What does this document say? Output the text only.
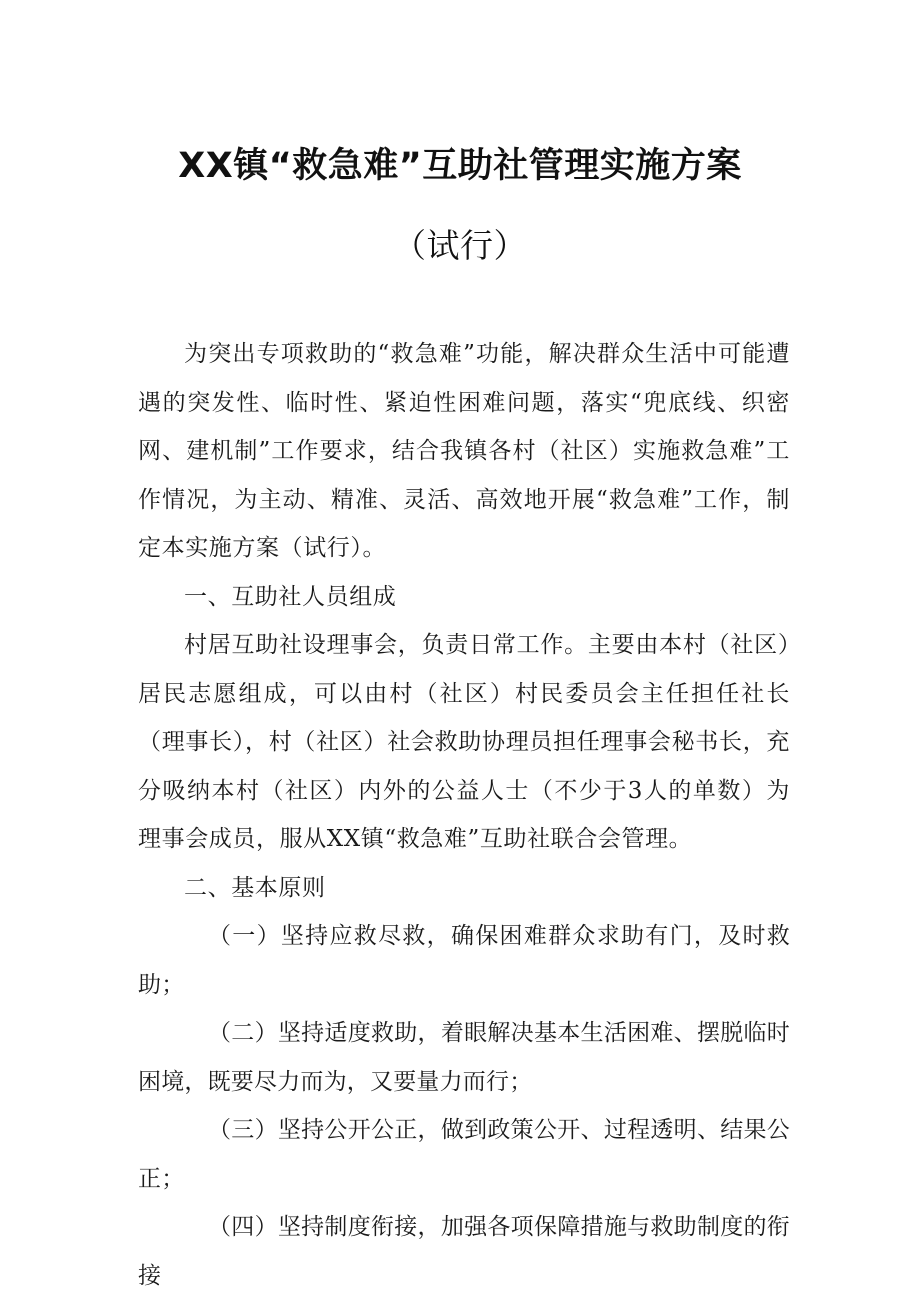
XX镇“救急难”互助社管理实施方案
（试行）

为突出专项救助的“救急难”功能，解决群众生活中可能遭遇的突发性、临时性、紧迫性困难问题，落实“兜底线、织密网、建机制”工作要求，结合我镇各村（社区）实施救急难”工作情况，为主动、精准、灵活、高效地开展“救急难”工作，制定本实施方案（试行）。

一、互助社人员组成

村居互助社设理事会，负责日常工作。主要由本村（社区）居民志愿组成，可以由村（社区）村民委员会主任担任社长（理事长），村（社区）社会救助协理员担任理事会秘书长，充分吸纳本村（社区）内外的公益人士（不少于3人的单数）为理事会成员，服从XX镇“救急难”互助社联合会管理。

二、基本原则

（一）坚持应救尽救，确保困难群众求助有门，及时救助；

（二）坚持适度救助，着眼解决基本生活困难、摆脱临时困境，既要尽力而为，又要量力而行；

（三）坚持公开公正，做到政策公开、过程透明、结果公正；

（四）坚持制度衔接，加强各项保障措施与救助制度的衔接
